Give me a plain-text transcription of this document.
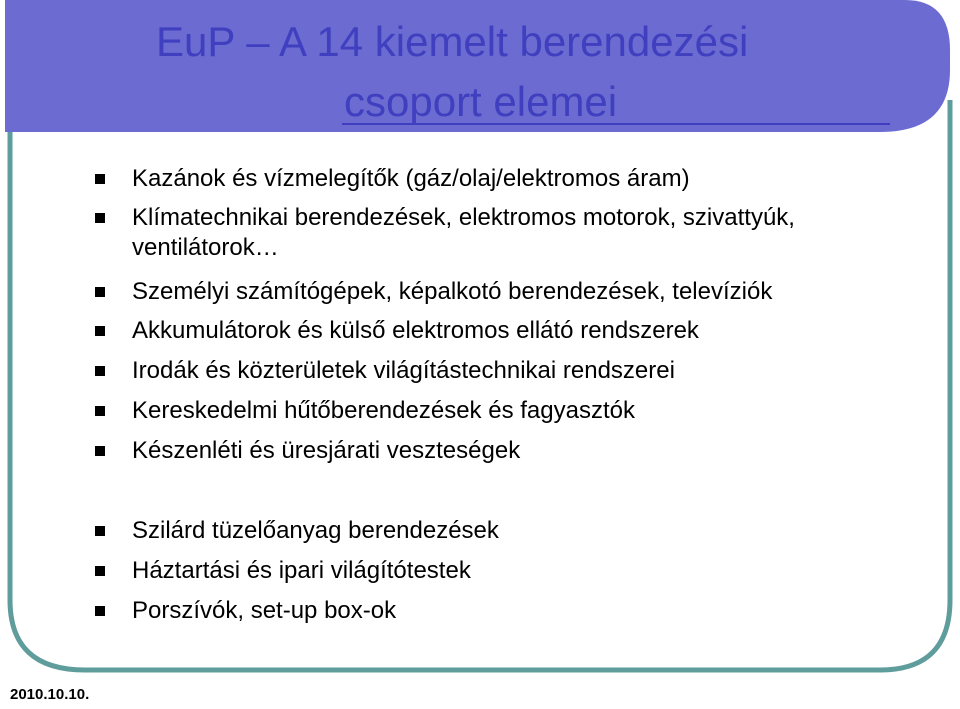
EuP – A 14 kiemelt berendezési
csoport elemei
Kazánok és vízmelegítők (gáz/olaj/elektromos áram)
Klímatechnikai berendezések, elektromos motorok, szivattyúk,
ventilátorok…
Személyi számítógépek, képalkotó berendezések, televíziók
Akkumulátorok és külső elektromos ellátó rendszerek
Irodák és közterületek világítástechnikai rendszerei
Kereskedelmi hűtőberendezések és fagyasztók
Készenléti és üresjárati veszteségek
Szilárd tüzelőanyag berendezések
Háztartási és ipari világítótestek
Porszívók, set-up box-ok
2010.10.10.
